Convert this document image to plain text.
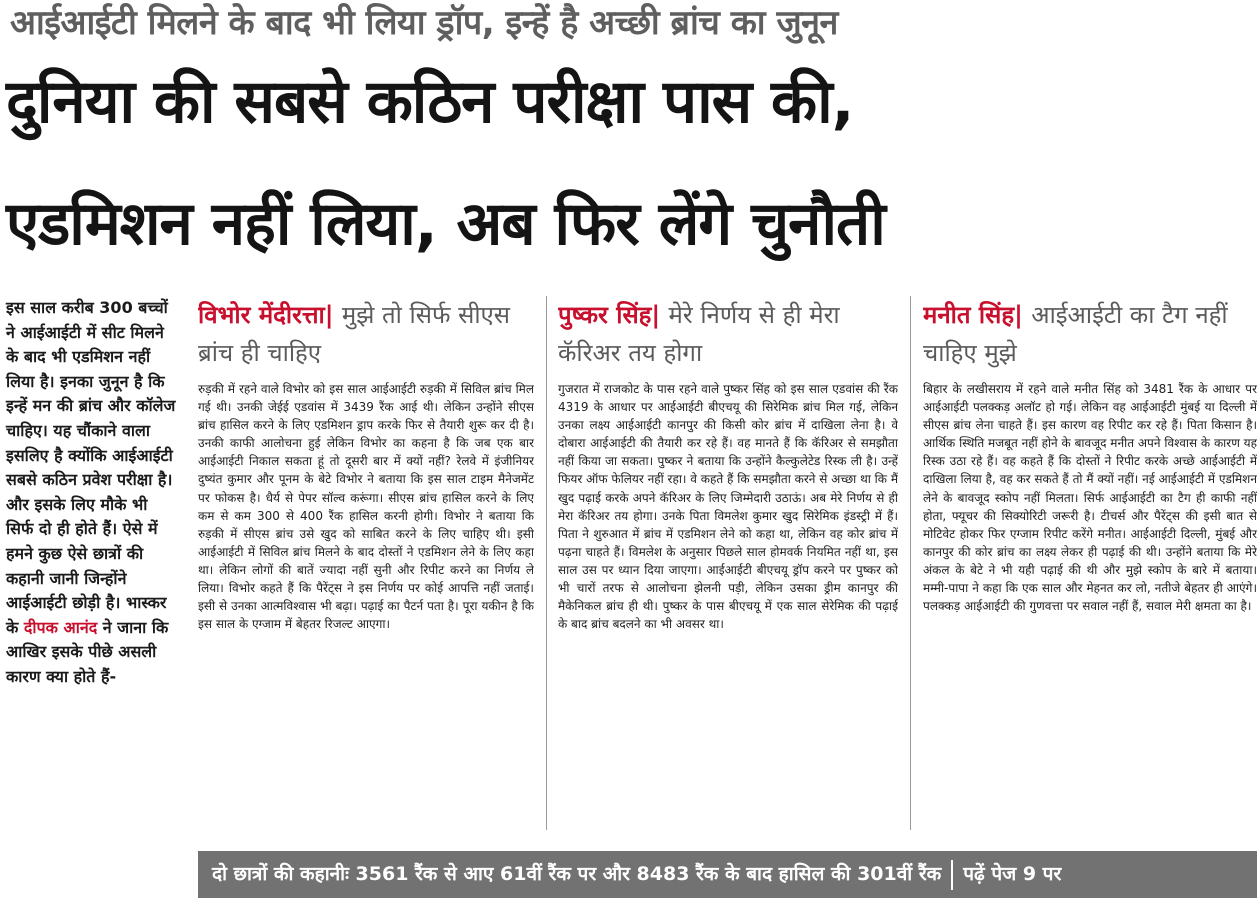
आईआईटी मिलने के बाद भी लिया ड्रॉप, इन्हें है अच्छी ब्रांच का जुनून
दुनिया की सबसे कठिन परीक्षा पास की,
एडमिशन नहीं लिया, अब फिर लेंगे चुनौती
इस साल करीब 300 बच्चों ने आईआईटी में सीट मिलने के बाद भी एडमिशन नहीं लिया है। इनका जुनून है कि इन्हें मन की ब्रांच और कॉलेज चाहिए। यह चौंकाने वाला इसलिए है क्योंकि आईआईटी सबसे कठिन प्रवेश परीक्षा है। और इसके लिए मौके भी सिर्फ दो ही होते हैं। ऐसे में हमने कुछ ऐसे छात्रों की कहानी जानी जिन्होंने आईआईटी छोड़ी है। भास्कर के दीपक आनंद ने जाना कि आखिर इसके पीछे असली कारण क्या होते हैं-
विभोर मेंदीरत्ता| मुझे तो सिर्फ सीएस ब्रांच ही चाहिए
रुड़की में रहने वाले विभोर को इस साल आईआईटी रुड़की में सिविल ब्रांच मिल गई थी। उनकी जेईई एडवांस में 3439 रैंक आई थी। लेकिन उन्होंने सीएस ब्रांच हासिल करने के लिए एडमिशन ड्राप करके फिर से तैयारी शुरू कर दी है। उनकी काफी आलोचना हुई लेकिन विभोर का कहना है कि जब एक बार आईआईटी निकाल सकता हूं तो दूसरी बार में क्यों नहीं? रेलवे में इंजीनियर दुष्यंत कुमार और पूनम के बेटे विभोर ने बताया कि इस साल टाइम मैनेजमेंट पर फोकस है। धैर्य से पेपर सॉल्व करूंगा। सीएस ब्रांच हासिल करने के लिए कम से कम 300 से 400 रैंक हासिल करनी होगी। विभोर ने बताया कि रुड़की में सीएस ब्रांच उसे खुद को साबित करने के लिए चाहिए थी। इसी आईआईटी में सिविल ब्रांच मिलने के बाद दोस्तों ने एडमिशन लेने के लिए कहा था। लेकिन लोगों की बातें ज्यादा नहीं सुनी और रिपीट करने का निर्णय ले लिया। विभोर कहते हैं कि पैरेंट्स ने इस निर्णय पर कोई आपत्ति नहीं जताई। इसी से उनका आत्मविश्वास भी बढ़ा। पढ़ाई का पैटर्न पता है। पूरा यकीन है कि इस साल के एग्जाम में बेहतर रिजल्ट आएगा।
पुष्कर सिंह| मेरे निर्णय से ही मेरा कॅरिअर तय होगा
गुजरात में राजकोट के पास रहने वाले पुष्कर सिंह को इस साल एडवांस की रैंक 4319 के आधार पर आईआईटी बीएचयू की सिरेमिक ब्रांच मिल गई, लेकिन उनका लक्ष्य आईआईटी कानपुर की किसी कोर ब्रांच में दाखिला लेना है। वे दोबारा आईआईटी की तैयारी कर रहे हैं। वह मानते हैं कि कॅरिअर से समझौता नहीं किया जा सकता। पुष्कर ने बताया कि उन्होंने कैल्कुलेटेड रिस्क ली है। उन्हें फियर ऑफ फेलियर नहीं रहा। वे कहते हैं कि समझौता करने से अच्छा था कि मैं खुद पढ़ाई करके अपने कॅरिअर के लिए जिम्मेदारी उठाऊं। अब मेरे निर्णय से ही मेरा कॅरिअर तय होगा। उनके पिता विमलेश कुमार खुद सिरेमिक इंडस्ट्री में हैं। पिता ने शुरुआत में ब्रांच में एडमिशन लेने को कहा था, लेकिन वह कोर ब्रांच में पढ़ना चाहते हैं। विमलेश के अनुसार पिछले साल होमवर्क नियमित नहीं था, इस साल उस पर ध्यान दिया जाएगा। आईआईटी बीएचयू ड्रॉप करने पर पुष्कर को भी चारों तरफ से आलोचना झेलनी पड़ी, लेकिन उसका ड्रीम कानपुर की मैकेनिकल ब्रांच ही थी। पुष्कर के पास बीएचयू में एक साल सेरेमिक की पढ़ाई के बाद ब्रांच बदलने का भी अवसर था।
मनीत सिंह| आईआईटी का टैग नहीं चाहिए मुझे
बिहार के लखीसराय में रहने वाले मनीत सिंह को 3481 रैंक के आधार पर आईआईटी पलक्कड़ अलॉट हो गई। लेकिन वह आईआईटी मुंबई या दिल्ली में सीएस ब्रांच लेना चाहते हैं। इस कारण वह रिपीट कर रहे हैं। पिता किसान है। आर्थिक स्थिति मजबूत नहीं होने के बावजूद मनीत अपने विश्वास के कारण यह रिस्क उठा रहे हैं। वह कहते हैं कि दोस्तों ने रिपीट करके अच्छे आईआईटी में दाखिला लिया है, वह कर सकते हैं तो मैं क्यों नहीं। नई आईआईटी में एडमिशन लेने के बावजूद स्कोप नहीं मिलता। सिर्फ आईआईटी का टैग ही काफी नहीं होता, फ्यूचर की सिक्योरिटी जरूरी है। टीचर्स और पैरेंट्स की इसी बात से मोटिवेट होकर फिर एग्जाम रिपीट करेंगे मनीत। आईआईटी दिल्ली, मुंबई और कानपुर की कोर ब्रांच का लक्ष्य लेकर ही पढ़ाई की थी। उन्होंने बताया कि मेरे अंकल के बेटे ने भी यही पढ़ाई की थी और मुझे स्कोप के बारे में बताया। मम्मी-पापा ने कहा कि एक साल और मेहनत कर लो, नतीजे बेहतर ही आएंगे। पलक्कड़ आईआईटी की गुणवत्ता पर सवाल नहीं हैं, सवाल मेरी क्षमता का है।
दो छात्रों की कहानीः 3561 रैंक से आए 61वीं रैंक पर और 8483 रैंक के बाद हासिल की 301वीं रैंक पढ़ें पेज 9 पर
